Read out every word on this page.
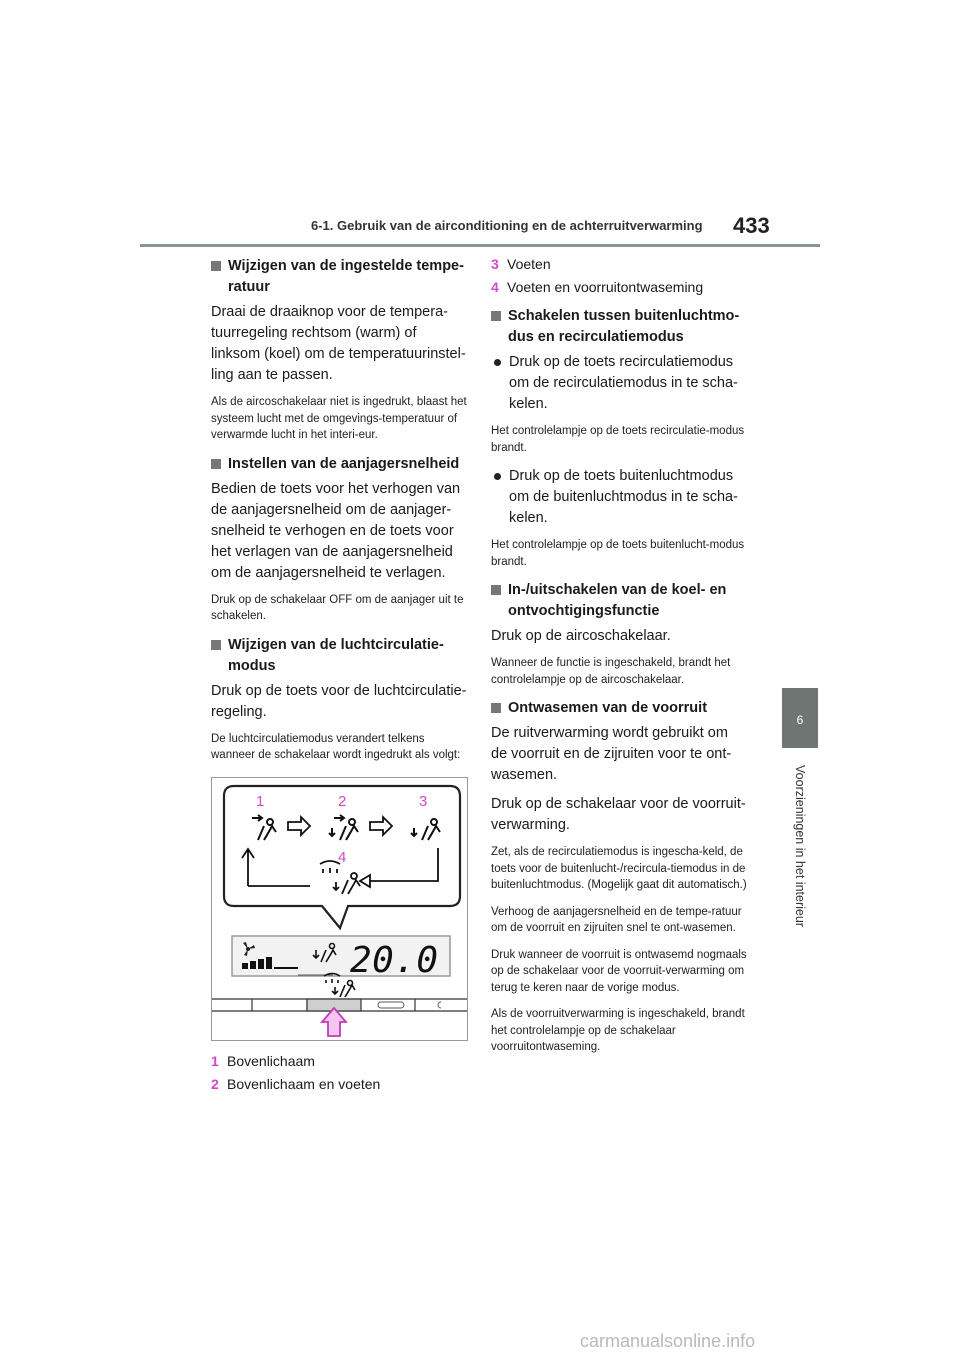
6-1. Gebruik van de airconditioning en de achterruitverwarming 433
6
Voorzieningen in het interieur
Wijzigen van de ingestelde tempe-ratuur
Draai de draaiknop voor de tempera-tuurregeling rechtsom (warm) of linksom (koel) om de temperatuurinstel-ling aan te passen.
Als de aircoschakelaar niet is ingedrukt, blaast het systeem lucht met de omgevings-temperatuur of verwarmde lucht in het interi-eur.
Instellen van de aanjagersnelheid
Bedien de toets voor het verhogen van de aanjagersnelheid om de aanjager-snelheid te verhogen en de toets voor het verlagen van de aanjagersnelheid om de aanjagersnelheid te verlagen.
Druk op de schakelaar OFF om de aanjager uit te schakelen.
Wijzigen van de luchtcirculatie-modus
Druk op de toets voor de luchtcirculatie-regeling.
De luchtcirculatiemodus verandert telkens wanneer de schakelaar wordt ingedrukt als volgt:
1	2	3
4
20.0
1 Bovenlichaam
2 Bovenlichaam en voeten
3 Voeten
4 Voeten en voorruitontwaseming
Schakelen tussen buitenluchtmo-dus en recirculatiemodus
Druk op de toets recirculatiemodus om de recirculatiemodus in te scha-kelen.
Het controlelampje op de toets recirculatie-modus brandt.
Druk op de toets buitenluchtmodus om de buitenluchtmodus in te scha-kelen.
Het controlelampje op de toets buitenlucht-modus brandt.
In-/uitschakelen van de koel- en ontvochtigingsfunctie
Druk op de aircoschakelaar.
Wanneer de functie is ingeschakeld, brandt het controlelampje op de aircoschakelaar.
Ontwasemen van de voorruit
De ruitverwarming wordt gebruikt om de voorruit en de zijruiten voor te ont-wasemen.
Druk op de schakelaar voor de voorruit-verwarming.
Zet, als de recirculatiemodus is ingescha-keld, de toets voor de buitenlucht-/recircula-tiemodus in de buitenluchtmodus. (Mogelijk gaat dit automatisch.)
Verhoog de aanjagersnelheid en de tempe-ratuur om de voorruit en zijruiten snel te ont-wasemen.
Druk wanneer de voorruit is ontwasemd nogmaals op de schakelaar voor de voorruit-verwarming om terug te keren naar de vorige modus.
Als de voorruitverwarming is ingeschakeld, brandt het controlelampje op de schakelaar voorruitontwaseming.
carmanualsonline.info
